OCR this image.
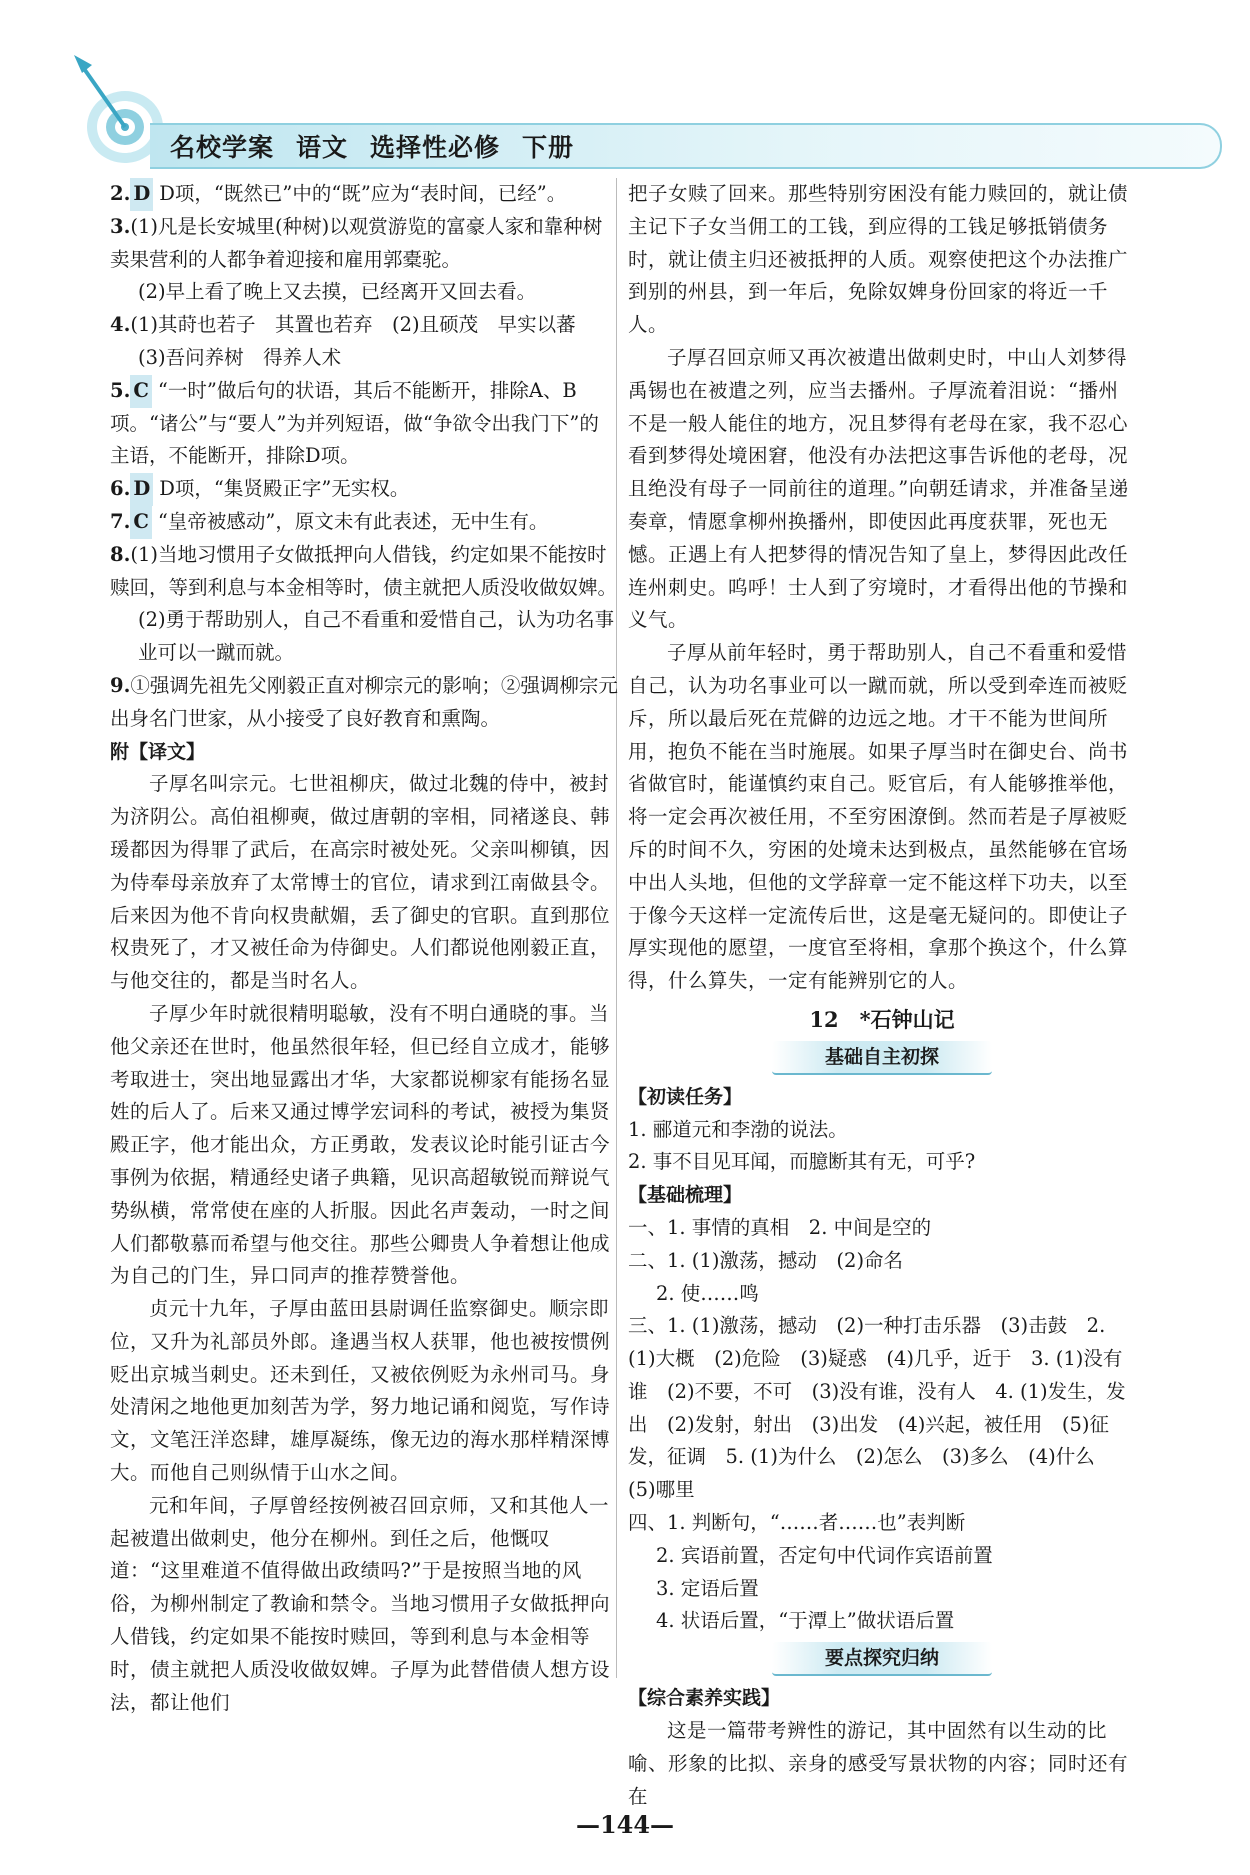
名校学案 语文 选择性必修 下册

2. D D项，“既然已”中的“既”应为“表时间，已经”。

3.(1)凡是长安城里(种树)以观赏游览的富豪人家和靠种树卖果营利的人都争着迎接和雇用郭橐驼。

(2)早上看了晚上又去摸，已经离开又回去看。

4.(1)其莳也若子　其置也若弃　(2)且硕茂　早实以蕃

(3)吾问养树　得养人术

5. C “一时”做后句的状语，其后不能断开，排除A、B项。“诸公”与“要人”为并列短语，做“争欲令出我门下”的主语，不能断开，排除D项。

6. D D项，“集贤殿正字”无实权。

7. C “皇帝被感动”，原文未有此表述，无中生有。

8.(1)当地习惯用子女做抵押向人借钱，约定如果不能按时赎回，等到利息与本金相等时，债主就把人质没收做奴婢。

(2)勇于帮助别人，自己不看重和爱惜自己，认为功名事业可以一蹴而就。

9.①强调先祖先父刚毅正直对柳宗元的影响；②强调柳宗元出身名门世家，从小接受了良好教育和熏陶。

附【译文】

子厚名叫宗元。七世祖柳庆，做过北魏的侍中，被封为济阴公。高伯祖柳奭，做过唐朝的宰相，同褚遂良、韩瑗都因为得罪了武后，在高宗时被处死。父亲叫柳镇，因为侍奉母亲放弃了太常博士的官位，请求到江南做县令。后来因为他不肯向权贵献媚，丢了御史的官职。直到那位权贵死了，才又被任命为侍御史。人们都说他刚毅正直，与他交往的，都是当时名人。

子厚少年时就很精明聪敏，没有不明白通晓的事。当他父亲还在世时，他虽然很年轻，但已经自立成才，能够考取进士，突出地显露出才华，大家都说柳家有能扬名显姓的后人了。后来又通过博学宏词科的考试，被授为集贤殿正字，他才能出众，方正勇敢，发表议论时能引证古今事例为依据，精通经史诸子典籍，见识高超敏锐而辩说气势纵横，常常使在座的人折服。因此名声轰动，一时之间人们都敬慕而希望与他交往。那些公卿贵人争着想让他成为自己的门生，异口同声的推荐赞誉他。

贞元十九年，子厚由蓝田县尉调任监察御史。顺宗即位，又升为礼部员外郎。逢遇当权人获罪，他也被按惯例贬出京城当刺史。还未到任，又被依例贬为永州司马。身处清闲之地他更加刻苦为学，努力地记诵和阅览，写作诗文，文笔汪洋恣肆，雄厚凝练，像无边的海水那样精深博大。而他自己则纵情于山水之间。

元和年间，子厚曾经按例被召回京师，又和其他人一起被遣出做刺史，他分在柳州。到任之后，他慨叹道：“这里难道不值得做出政绩吗?”于是按照当地的风俗，为柳州制定了教谕和禁令。当地习惯用子女做抵押向人借钱，约定如果不能按时赎回，等到利息与本金相等时，债主就把人质没收做奴婢。子厚为此替借债人想方设法，都让他们

把子女赎了回来。那些特别穷困没有能力赎回的，就让债主记下子女当佣工的工钱，到应得的工钱足够抵销债务时，就让债主归还被抵押的人质。观察使把这个办法推广到别的州县，到一年后，免除奴婢身份回家的将近一千人。

子厚召回京师又再次被遣出做刺史时，中山人刘梦得禹锡也在被遣之列，应当去播州。子厚流着泪说：“播州不是一般人能住的地方，况且梦得有老母在家，我不忍心看到梦得处境困窘，他没有办法把这事告诉他的老母，况且绝没有母子一同前往的道理。”向朝廷请求，并准备呈递奏章，情愿拿柳州换播州，即使因此再度获罪，死也无憾。正遇上有人把梦得的情况告知了皇上，梦得因此改任连州刺史。呜呼！士人到了穷境时，才看得出他的节操和义气。

子厚从前年轻时，勇于帮助别人，自己不看重和爱惜自己，认为功名事业可以一蹴而就，所以受到牵连而被贬斥，所以最后死在荒僻的边远之地。才干不能为世间所用，抱负不能在当时施展。如果子厚当时在御史台、尚书省做官时，能谨慎约束自己。贬官后，有人能够推举他，将一定会再次被任用，不至穷困潦倒。然而若是子厚被贬斥的时间不久，穷困的处境未达到极点，虽然能够在官场中出人头地，但他的文学辞章一定不能这样下功夫，以至于像今天这样一定流传后世，这是毫无疑问的。即使让子厚实现他的愿望，一度官至将相，拿那个换这个，什么算得，什么算失，一定有能辨别它的人。

12　*石钟山记

基础自主初探

【初读任务】

1. 郦道元和李渤的说法。

2. 事不目见耳闻，而臆断其有无，可乎?

【基础梳理】

一、1. 事情的真相　2. 中间是空的

二、1. (1)激荡，撼动　(2)命名

2. 使……鸣

三、1. (1)激荡，撼动　(2)一种打击乐器　(3)击鼓　2. (1)大概　(2)危险　(3)疑惑　(4)几乎，近于　3. (1)没有谁　(2)不要，不可　(3)没有谁，没有人　4. (1)发生，发出　(2)发射，射出　(3)出发　(4)兴起，被任用　(5)征发，征调　5. (1)为什么　(2)怎么　(3)多么　(4)什么　(5)哪里

四、1. 判断句，“……者……也”表判断

2. 宾语前置，否定句中代词作宾语前置

3. 定语后置

4. 状语后置，“于潭上”做状语后置

要点探究归纳

【综合素养实践】

这是一篇带考辨性的游记，其中固然有以生动的比喻、形象的比拟、亲身的感受写景状物的内容；同时还有在

—144—
